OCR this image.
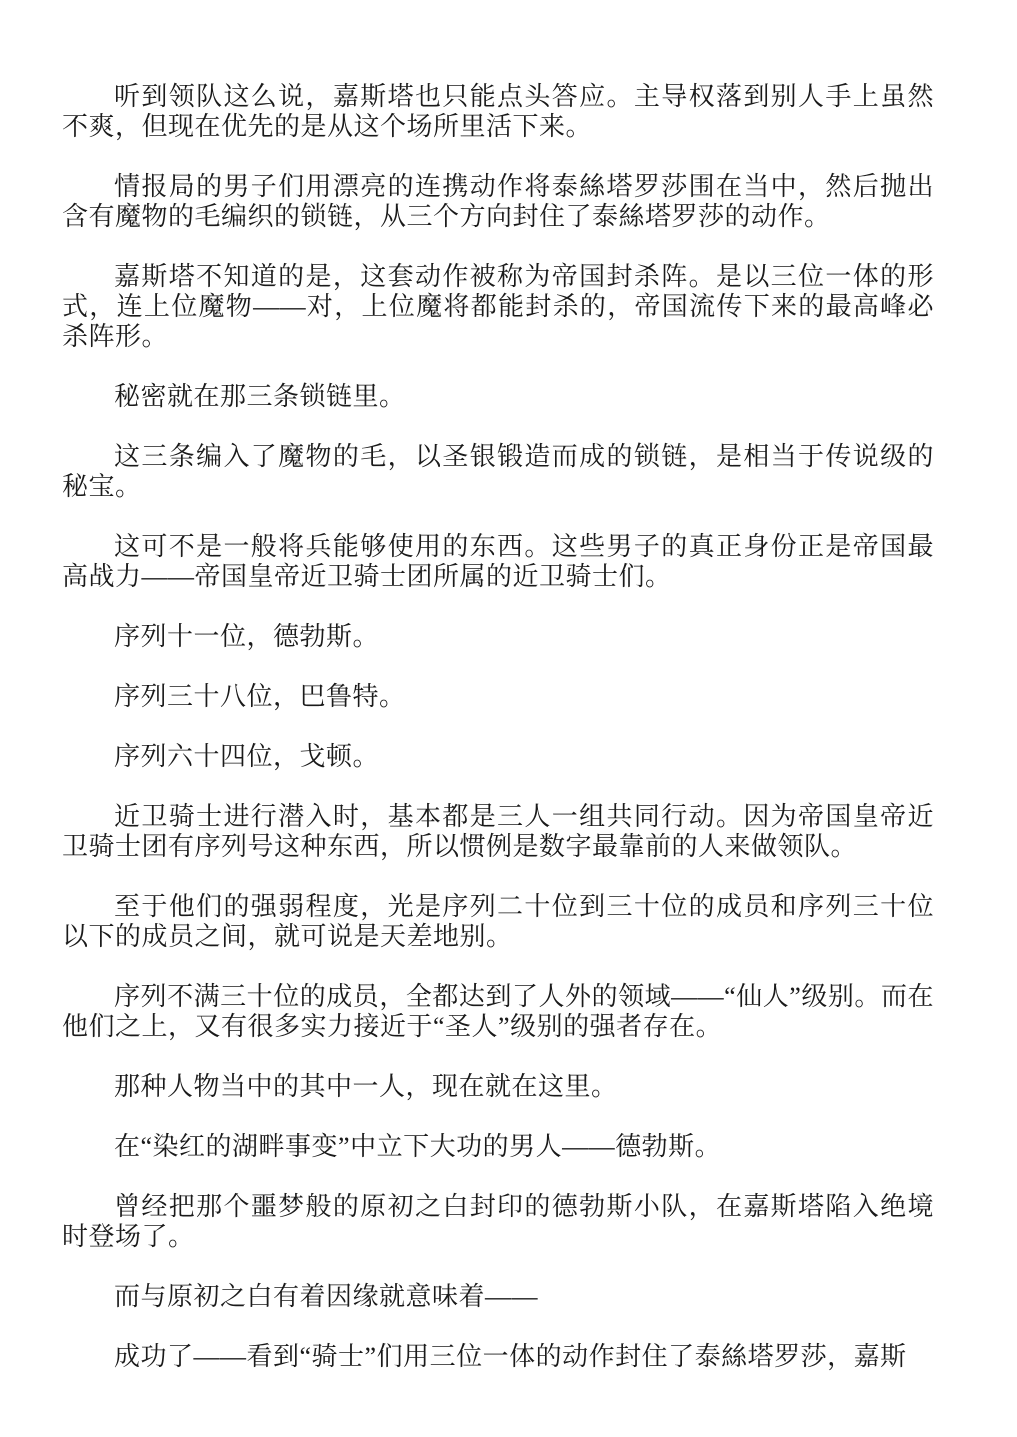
听到领队这么说，嘉斯塔也只能点头答应。主导权落到别人手上虽然不爽，但现在优先的是从这个场所里活下来。

情报局的男子们用漂亮的连携动作将泰絲塔罗莎围在当中，然后抛出含有魔物的毛编织的锁链，从三个方向封住了泰絲塔罗莎的动作。

嘉斯塔不知道的是，这套动作被称为帝国封杀阵。是以三位一体的形式，连上位魔物——对，上位魔将都能封杀的，帝国流传下来的最高峰必杀阵形。

秘密就在那三条锁链里。

这三条编入了魔物的毛，以圣银锻造而成的锁链，是相当于传说级的秘宝。

这可不是一般将兵能够使用的东西。这些男子的真正身份正是帝国最高战力——帝国皇帝近卫骑士团所属的近卫骑士们。

序列十一位，德勃斯。

序列三十八位，巴鲁特。

序列六十四位，戈顿。

近卫骑士进行潜入时，基本都是三人一组共同行动。因为帝国皇帝近卫骑士团有序列号这种东西，所以惯例是数字最靠前的人来做领队。

至于他们的强弱程度，光是序列二十位到三十位的成员和序列三十位以下的成员之间，就可说是天差地别。

序列不满三十位的成员，全都达到了人外的领域——“仙人”级别。而在他们之上，又有很多实力接近于“圣人”级别的强者存在。

那种人物当中的其中一人，现在就在这里。

在“染红的湖畔事变”中立下大功的男人——德勃斯。

曾经把那个噩梦般的原初之白封印的德勃斯小队，在嘉斯塔陷入绝境时登场了。

而与原初之白有着因缘就意味着——

成功了——看到“骑士”们用三位一体的动作封住了泰絲塔罗莎，嘉斯
